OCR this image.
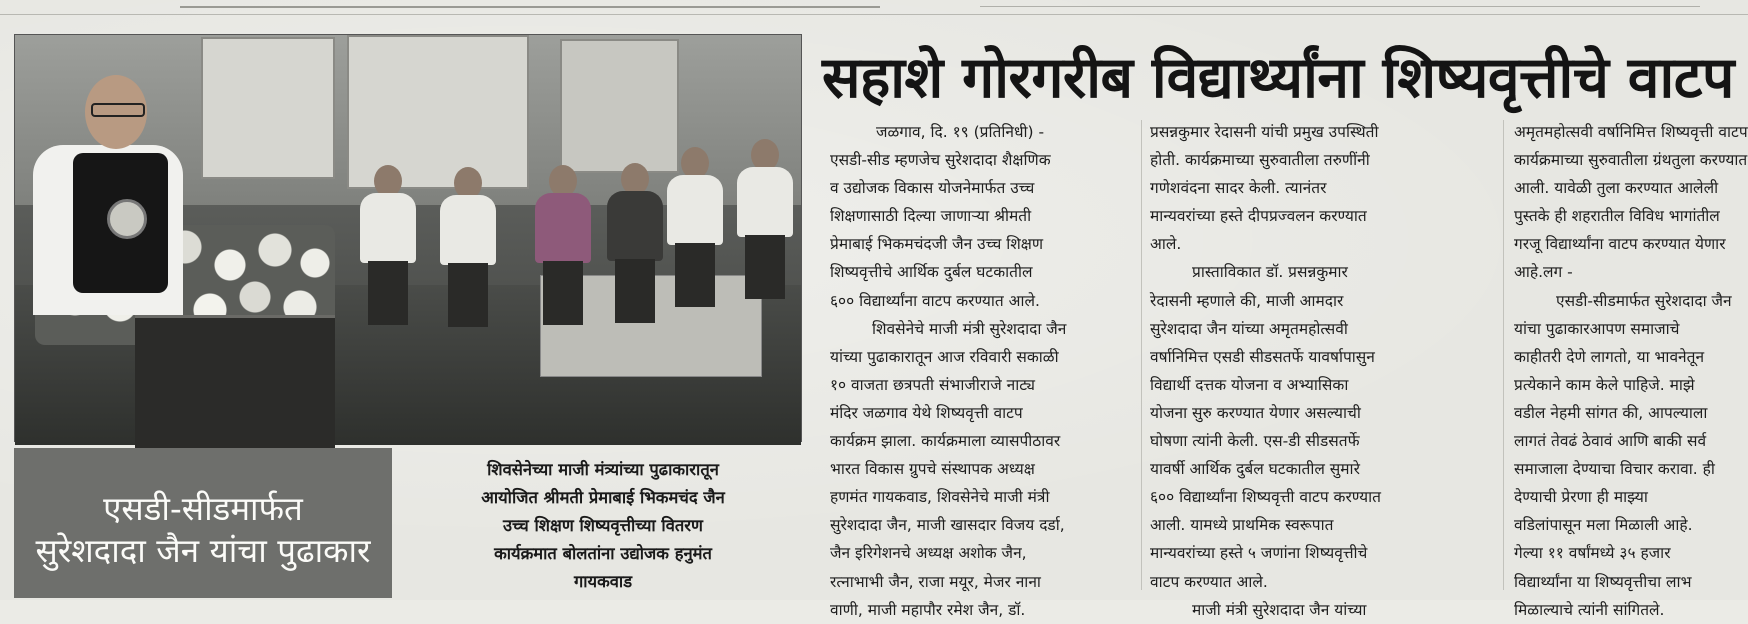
एसडी-सीडमार्फत
सुरेशदादा जैन यांचा पुढाकार
शिवसेनेच्या माजी मंत्र्यांच्या पुढाकारातून
आयोजित श्रीमती प्रेमाबाई भिकमचंद जैन
उच्च शिक्षण शिष्यवृत्तीच्या वितरण
कार्यक्रमात बोलतांना उद्योजक हनुमंत
गायकवाड
सहाशे गोरगरीब विद्यार्थ्यांना शिष्यवृत्तीचे वाटप
जळगाव, दि. १९ (प्रतिनिधी) -
एसडी-सीड म्हणजेच सुरेशदादा शैक्षणिक
व उद्योजक विकास योजनेमार्फत उच्च
शिक्षणासाठी दिल्या जाणाऱ्या श्रीमती
प्रेमाबाई भिकमचंदजी जैन उच्च शिक्षण
शिष्यवृत्तीचे आर्थिक दुर्बल घटकातील
६०० विद्यार्थ्यांना वाटप करण्यात आले.
शिवसेनेचे माजी मंत्री सुरेशदादा जैन
यांच्या पुढाकारातून आज रविवारी सकाळी
१० वाजता छत्रपती संभाजीराजे नाट्य
मंदिर जळगाव येथे शिष्यवृत्ती वाटप
कार्यक्रम झाला. कार्यक्रमाला व्यासपीठावर
भारत विकास ग्रुपचे संस्थापक अध्यक्ष
हणमंत गायकवाड, शिवसेनेचे माजी मंत्री
सुरेशदादा जैन, माजी खासदार विजय दर्डा,
जैन इरिगेशनचे अध्यक्ष अशोक जैन,
रत्नाभाभी जैन, राजा मयूर, मेजर नाना
वाणी, माजी महापौर रमेश जैन, डॉ.
प्रसन्नकुमार रेदासनी यांची प्रमुख उपस्थिती
होती. कार्यक्रमाच्या सुरुवातीला तरुणींनी
गणेशवंदना सादर केली. त्यानंतर
मान्यवरांच्या हस्ते दीपप्रज्वलन करण्यात
आले.
प्रास्ताविकात डॉ. प्रसन्नकुमार
रेदासनी म्हणाले की, माजी आमदार
सुरेशदादा जैन यांच्या अमृतमहोत्सवी
वर्षानिमित्त एसडी सीडसतर्फे यावर्षापासुन
विद्यार्थी दत्तक योजना व अभ्यासिका
योजना सुरु करण्यात येणार असल्याची
घोषणा त्यांनी केली. एस-डी सीडसतर्फे
यावर्षी आर्थिक दुर्बल घटकातील सुमारे
६०० विद्यार्थ्यांना शिष्यवृत्ती वाटप करण्यात
आली. यामध्ये प्राथमिक स्वरूपात
मान्यवरांच्या हस्ते ५ जणांना शिष्यवृत्तीचे
वाटप करण्यात आले.
माजी मंत्री सुरेशदादा जैन यांच्या
अमृतमहोत्सवी वर्षानिमित्त शिष्यवृत्ती वाटप
कार्यक्रमाच्या सुरुवातीला ग्रंथतुला करण्यात
आली. यावेळी तुला करण्यात आलेली
पुस्तके ही शहरातील विविध भागांतील
गरजू विद्यार्थ्यांना वाटप करण्यात येणार
आहे.लग -
एसडी-सीडमार्फत सुरेशदादा जैन
यांचा पुढाकारआपण समाजाचे
काहीतरी देणे लागतो, या भावनेतून
प्रत्येकाने काम केले पाहिजे. माझे
वडील नेहमी सांगत की, आपल्याला
लागतं तेवढं ठेवावं आणि बाकी सर्व
समाजाला देण्याचा विचार करावा. ही
देण्याची प्रेरणा ही माझ्या
वडिलांपासून मला मिळाली आहे.
गेल्या ११ वर्षांमध्ये ३५ हजार
विद्यार्थ्यांना या शिष्यवृत्तीचा लाभ
मिळाल्याचे त्यांनी सांगितले.
